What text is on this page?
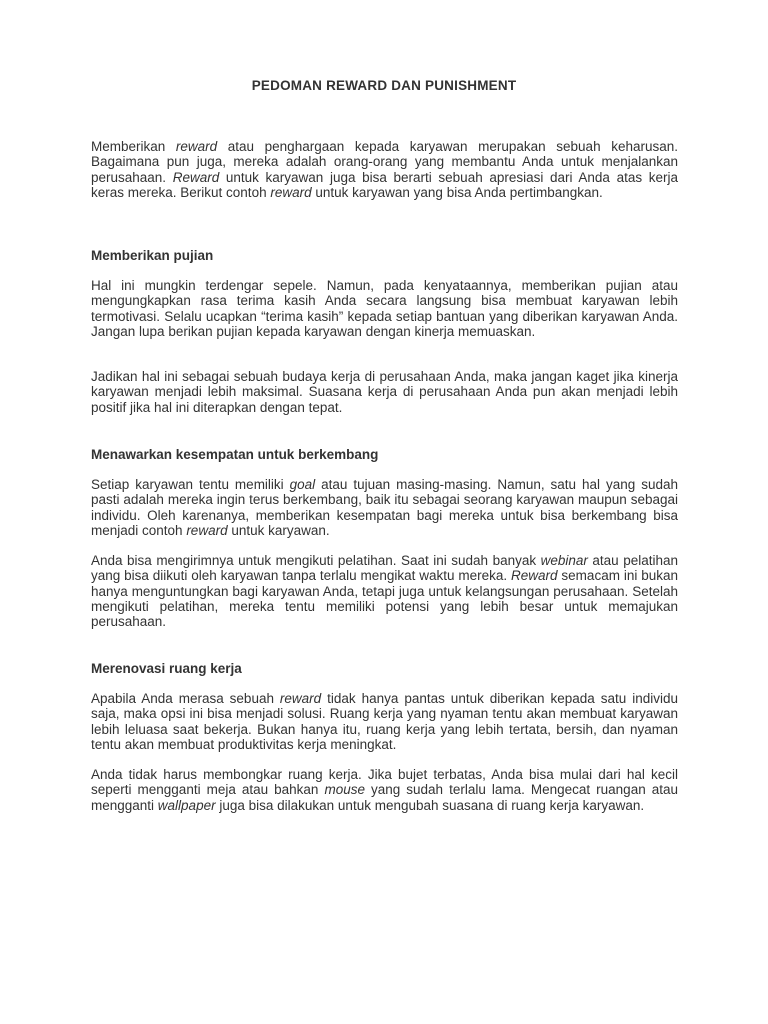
PEDOMAN REWARD DAN PUNISHMENT
Memberikan reward atau penghargaan kepada karyawan merupakan sebuah keharusan. Bagaimana pun juga, mereka adalah orang-orang yang membantu Anda untuk menjalankan perusahaan. Reward untuk karyawan juga bisa berarti sebuah apresiasi dari Anda atas kerja keras mereka. Berikut contoh reward untuk karyawan yang bisa Anda pertimbangkan.
Memberikan pujian
Hal ini mungkin terdengar sepele. Namun, pada kenyataannya, memberikan pujian atau mengungkapkan rasa terima kasih Anda secara langsung bisa membuat karyawan lebih termotivasi. Selalu ucapkan “terima kasih” kepada setiap bantuan yang diberikan karyawan Anda. Jangan lupa berikan pujian kepada karyawan dengan kinerja memuaskan.
Jadikan hal ini sebagai sebuah budaya kerja di perusahaan Anda, maka jangan kaget jika kinerja karyawan menjadi lebih maksimal. Suasana kerja di perusahaan Anda pun akan menjadi lebih positif jika hal ini diterapkan dengan tepat.
Menawarkan kesempatan untuk berkembang
Setiap karyawan tentu memiliki goal atau tujuan masing-masing. Namun, satu hal yang sudah pasti adalah mereka ingin terus berkembang, baik itu sebagai seorang karyawan maupun sebagai individu. Oleh karenanya, memberikan kesempatan bagi mereka untuk bisa berkembang bisa menjadi contoh reward untuk karyawan.
Anda bisa mengirimnya untuk mengikuti pelatihan. Saat ini sudah banyak webinar atau pelatihan yang bisa diikuti oleh karyawan tanpa terlalu mengikat waktu mereka. Reward semacam ini bukan hanya menguntungkan bagi karyawan Anda, tetapi juga untuk kelangsungan perusahaan. Setelah mengikuti pelatihan, mereka tentu memiliki potensi yang lebih besar untuk memajukan perusahaan.
Merenovasi ruang kerja
Apabila Anda merasa sebuah reward tidak hanya pantas untuk diberikan kepada satu individu saja, maka opsi ini bisa menjadi solusi. Ruang kerja yang nyaman tentu akan membuat karyawan lebih leluasa saat bekerja. Bukan hanya itu, ruang kerja yang lebih tertata, bersih, dan nyaman tentu akan membuat produktivitas kerja meningkat.
Anda tidak harus membongkar ruang kerja. Jika bujet terbatas, Anda bisa mulai dari hal kecil seperti mengganti meja atau bahkan mouse yang sudah terlalu lama. Mengecat ruangan atau mengganti wallpaper juga bisa dilakukan untuk mengubah suasana di ruang kerja karyawan.
